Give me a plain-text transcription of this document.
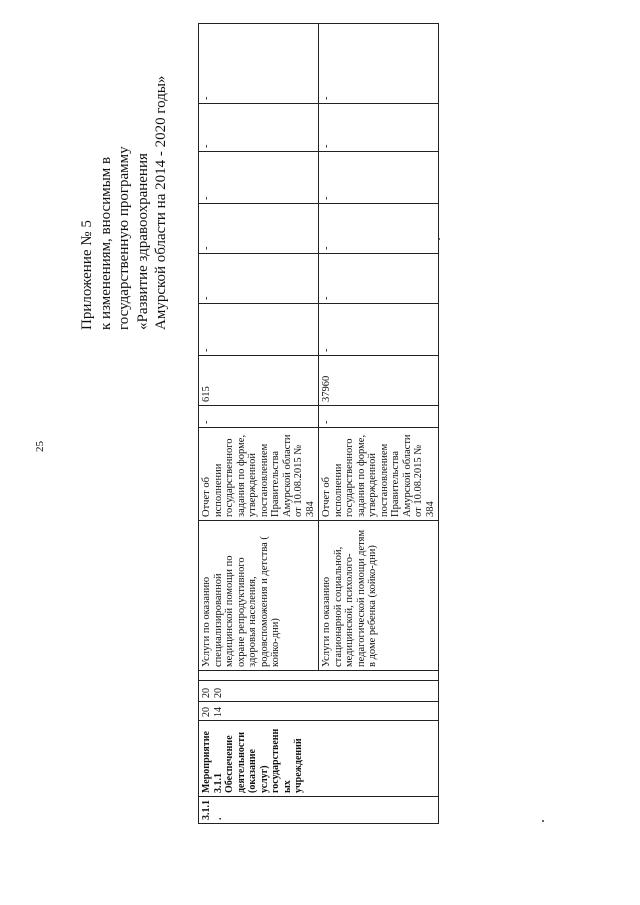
25
Приложение № 5 к изменениям, вносимым в государственную программу «Развитие здравоохранения Амурской области на 2014 - 2020 годы»
3.1.1.	Мероприятие 3.1.1 Обеспечение деятельности (оказание услуг) государственных учреждений	2014	2020		Услуги по оказанию специализированной медицинской помощи по охране репродуктивного здоровья населения, родовспоможения и детства ( койко-дни)	Отчет об исполнении государственного задания по форме, утвержденной постановлением Правительства Амурской области от 10.08.2015 № 384	-	615	-	-	-	-	-	-
					Услуги по оказанию стационарной социальной, медицинской, психолого-педагогической помощи детям в доме ребенка (койко-дни)	Отчет об исполнении государственного задания по форме, утвержденной постановлением Правительства Амурской области от 10.08.2015 № 384	-	37960	-	-	-	-	-	-
